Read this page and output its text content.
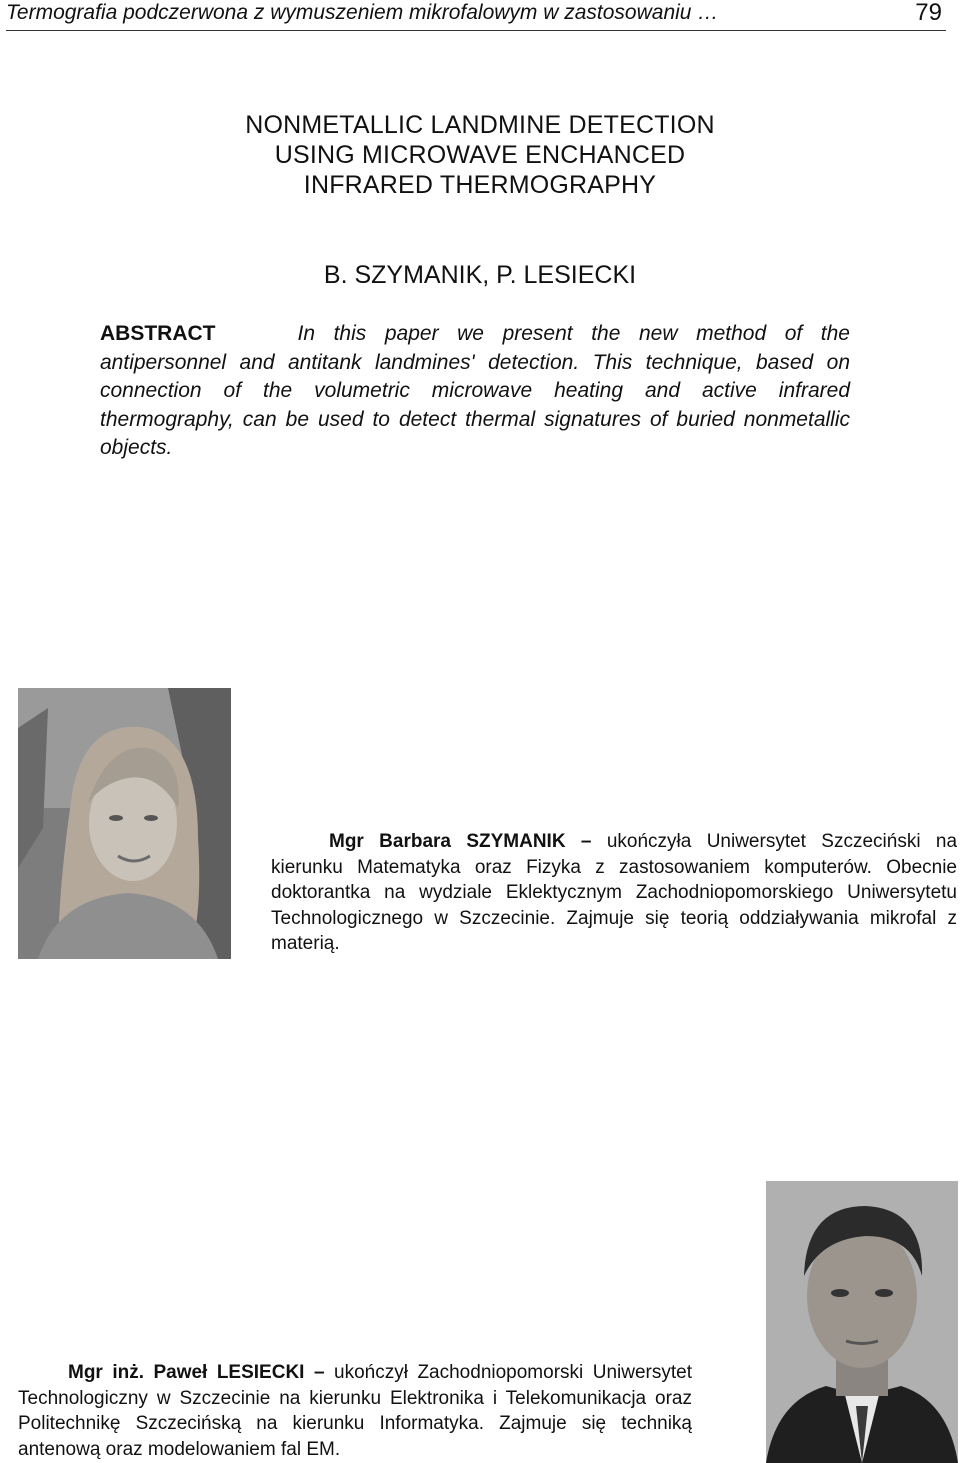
Termografia podczerwona z wymuszeniem mikrofalowym w zastosowaniu …	79
NONMETALLIC LANDMINE DETECTION
USING MICROWAVE ENCHANCED
INFRARED THERMOGRAPHY
B. SZYMANIK, P. LESIECKI
ABSTRACT	In this paper we present the new method of the antipersonnel and antitank landmines' detection. This technique, based on connection of the volumetric microwave heating and active infrared thermography, can be used to detect thermal signatures of buried nonmetallic objects.
Mgr Barbara SZYMANIK – ukończyła Uniwersytet Szczeciński na kierunku Matematyka oraz Fizyka z zastosowaniem komputerów. Obecnie doktorantka na wydziale Eklektycznym Zachodniopomorskiego Uniwersytetu Technologicznego w Szczecinie. Zajmuje się teorią oddziaływania mikrofal z materią.
Mgr inż. Paweł LESIECKI – ukończył Zachodniopomorski Uniwersytet Technologiczny w Szczecinie na kierunku Elektronika i Telekomunikacja oraz Politechnikę Szczecińską na kierunku Informatyka. Zajmuje się techniką antenową oraz modelowaniem fal EM.
